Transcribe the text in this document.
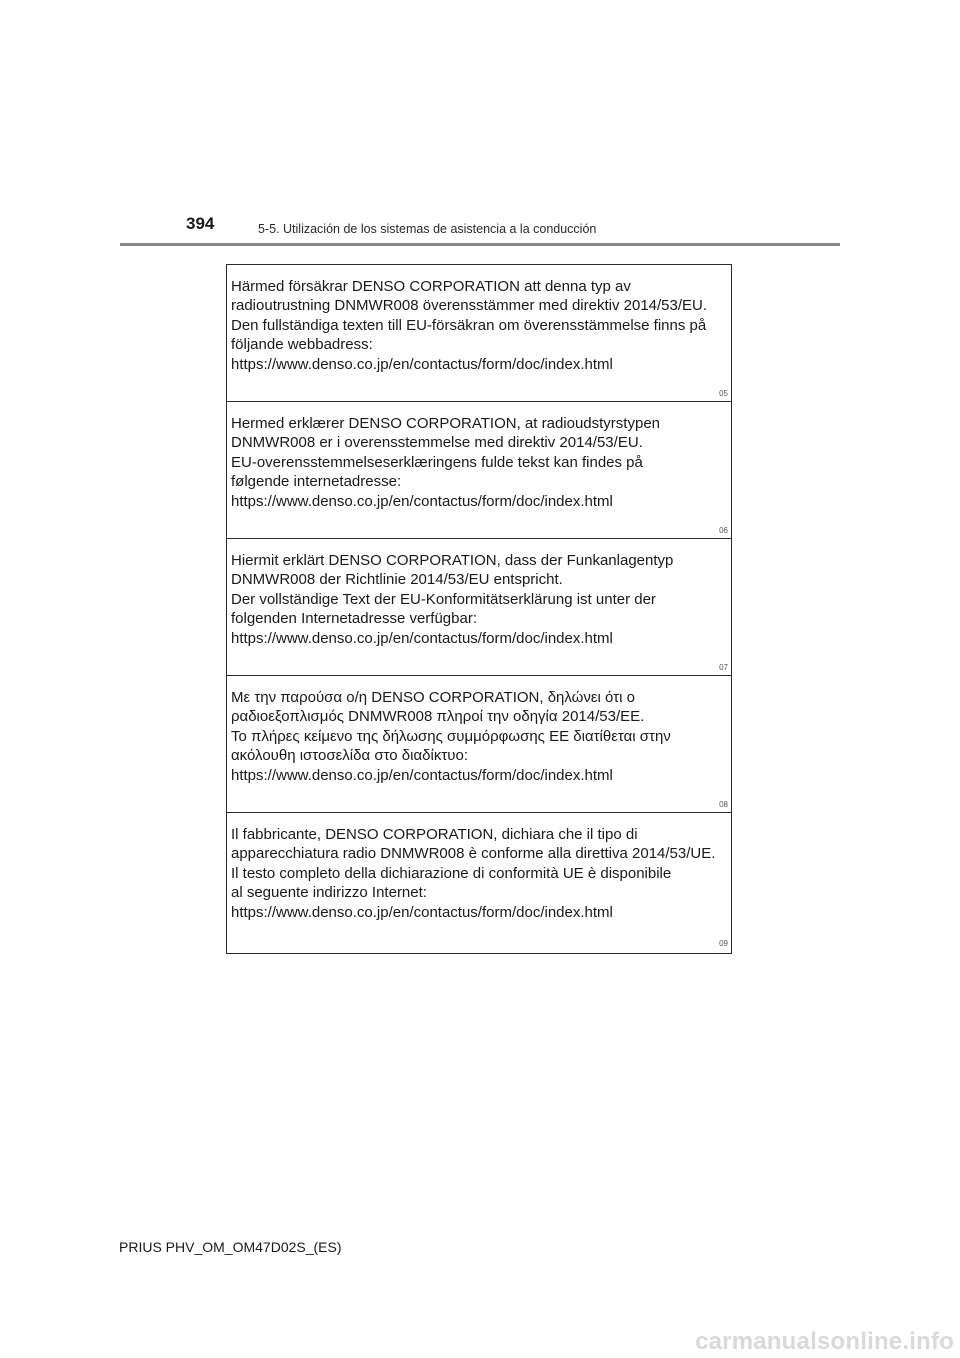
394	5-5. Utilización de los sistemas de asistencia a la conducción
Härmed försäkrar DENSO CORPORATION att denna typ av
radioutrustning DNMWR008 överensstämmer med direktiv 2014/53/EU.
Den fullständiga texten till EU-försäkran om överensstämmelse finns på
följande webbadress:
https://www.denso.co.jp/en/contactus/form/doc/index.html
05
Hermed erklærer DENSO CORPORATION, at radioudstyrstypen
DNMWR008 er i overensstemmelse med direktiv 2014/53/EU.
EU-overensstemmelseserklæringens fulde tekst kan findes på
følgende internetadresse:
https://www.denso.co.jp/en/contactus/form/doc/index.html
06
Hiermit erklärt DENSO CORPORATION, dass der Funkanlagentyp
DNMWR008 der Richtlinie 2014/53/EU entspricht.
Der vollständige Text der EU-Konformitätserklärung ist unter der
folgenden Internetadresse verfügbar:
https://www.denso.co.jp/en/contactus/form/doc/index.html
07
Με την παρούσα ο/η DENSO CORPORATION, δηλώνει ότι ο
ραδιοεξοπλισμός DNMWR008 πληροί την οδηγία 2014/53/ΕΕ.
Το πλήρες κείμενο της δήλωσης συμμόρφωσης ΕΕ διατίθεται στην
ακόλουθη ιστοσελίδα στο διαδίκτυο:
https://www.denso.co.jp/en/contactus/form/doc/index.html
08
Il fabbricante, DENSO CORPORATION, dichiara che il tipo di
apparecchiatura radio DNMWR008 è conforme alla direttiva 2014/53/UE.
Il testo completo della dichiarazione di conformità UE è disponibile
al seguente indirizzo Internet:
https://www.denso.co.jp/en/contactus/form/doc/index.html
09
PRIUS PHV_OM_OM47D02S_(ES)
carmanualsonline.info
